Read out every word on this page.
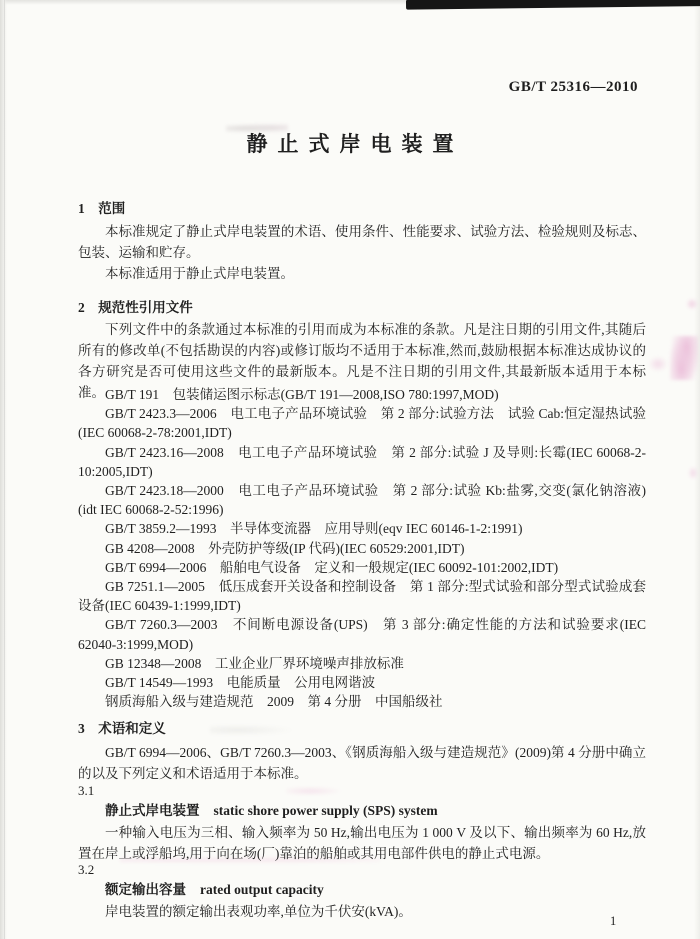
GB/T 25316—2010
静止式岸电装置
1　范围

本标准规定了静止式岸电装置的术语、使用条件、性能要求、试验方法、检验规则及标志、包装、运输和贮存。

本标准适用于静止式岸电装置。

2　规范性引用文件

下列文件中的条款通过本标准的引用而成为本标准的条款。凡是注日期的引用文件,其随后所有的修改单(不包括勘误的内容)或修订版均不适用于本标准,然而,鼓励根据本标准达成协议的各方研究是否可使用这些文件的最新版本。凡是不注日期的引用文件,其最新版本适用于本标准。 GB/T 191　包装储运图示标志(GB/T 191—2008,ISO 780:1997,MOD)

GB/T 2423.3—2006　电工电子产品环境试验　第 2 部分:试验方法　试验 Cab:恒定湿热试验(IEC 60068-2-78:2001,IDT)

GB/T 2423.16—2008　电工电子产品环境试验　第 2 部分:试验 J 及导则:长霉(IEC 60068-2-10:2005,IDT)

GB/T 2423.18—2000　电工电子产品环境试验　第 2 部分:试验 Kb:盐雾,交变(氯化钠溶液)(idt IEC 60068-2-52:1996)

GB/T 3859.2—1993　半导体变流器　应用导则(eqv IEC 60146-1-2:1991)

GB 4208—2008　外壳防护等级(IP 代码)(IEC 60529:2001,IDT)

GB/T 6994—2006　船舶电气设备　定义和一般规定(IEC 60092-101:2002,IDT)

GB 7251.1—2005　低压成套开关设备和控制设备　第 1 部分:型式试验和部分型式试验成套设备(IEC 60439-1:1999,IDT)

GB/T 7260.3—2003　不间断电源设备(UPS)　第 3 部分:确定性能的方法和试验要求(IEC 62040-3:1999,MOD)

GB 12348—2008　工业企业厂界环境噪声排放标准

GB/T 14549—1993　电能质量　公用电网谐波

钢质海船入级与建造规范　2009　第 4 分册　中国船级社

3　术语和定义

GB/T 6994—2006、GB/T 7260.3—2003、《钢质海船入级与建造规范》(2009)第 4 分册中确立的以及下列定义和术语适用于本标准。

3.1
静止式岸电装置 static shore power supply (SPS) system

一种输入电压为三相、输入频率为 50 Hz,输出电压为 1 000 V 及以下、输出频率为 60 Hz,放置在岸上或浮船坞,用于向在场(厂)靠泊的船舶或其用电部件供电的静止式电源。

3.2
额定输出容量 rated output capacity

岸电装置的额定输出表观功率,单位为千伏安(kVA)。

1
